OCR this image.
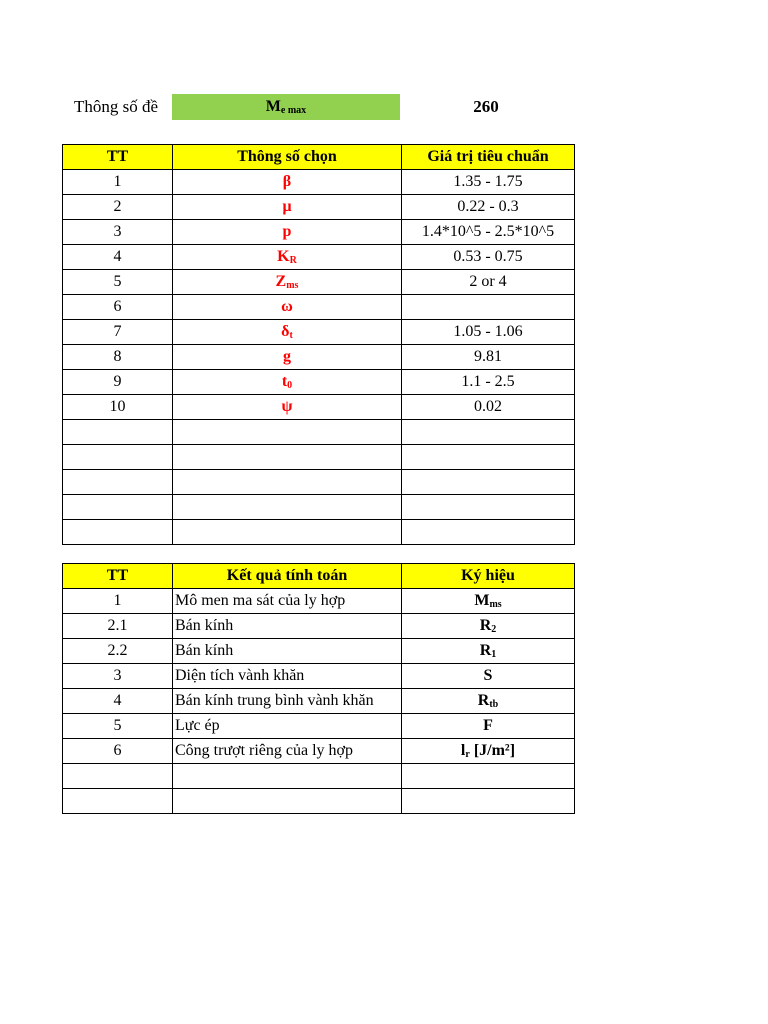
Thông số đề	$M_{e max}$	260
TT	Thông số chọn	Giá trị tiêu chuẩn
1	β	1.35 - 1.75
2	μ	0.22 - 0.3
3	p	1.4*10^5 - 2.5*10^5
4	$K_R$	0.53 - 0.75
5	$Z_{ms}$	2 or 4
6	ω	
7	$\delta_t$	1.05 - 1.06
8	g	9.81
9	$t_0$	1.1 - 2.5
10	ψ	0.02

TT	Kết quả tính toán	Ký hiệu
1	Mô men ma sát của ly hợp	$M_{ms}$
2.1	Bán kính	$R_2$
2.2	Bán kính	$R_1$
3	Diện tích vành khăn	S
4	Bán kính trung bình vành khăn	$R_{tb}$
5	Lực ép	F
6	Công trượt riêng của ly hợp	$l_r$ [J/m²]
